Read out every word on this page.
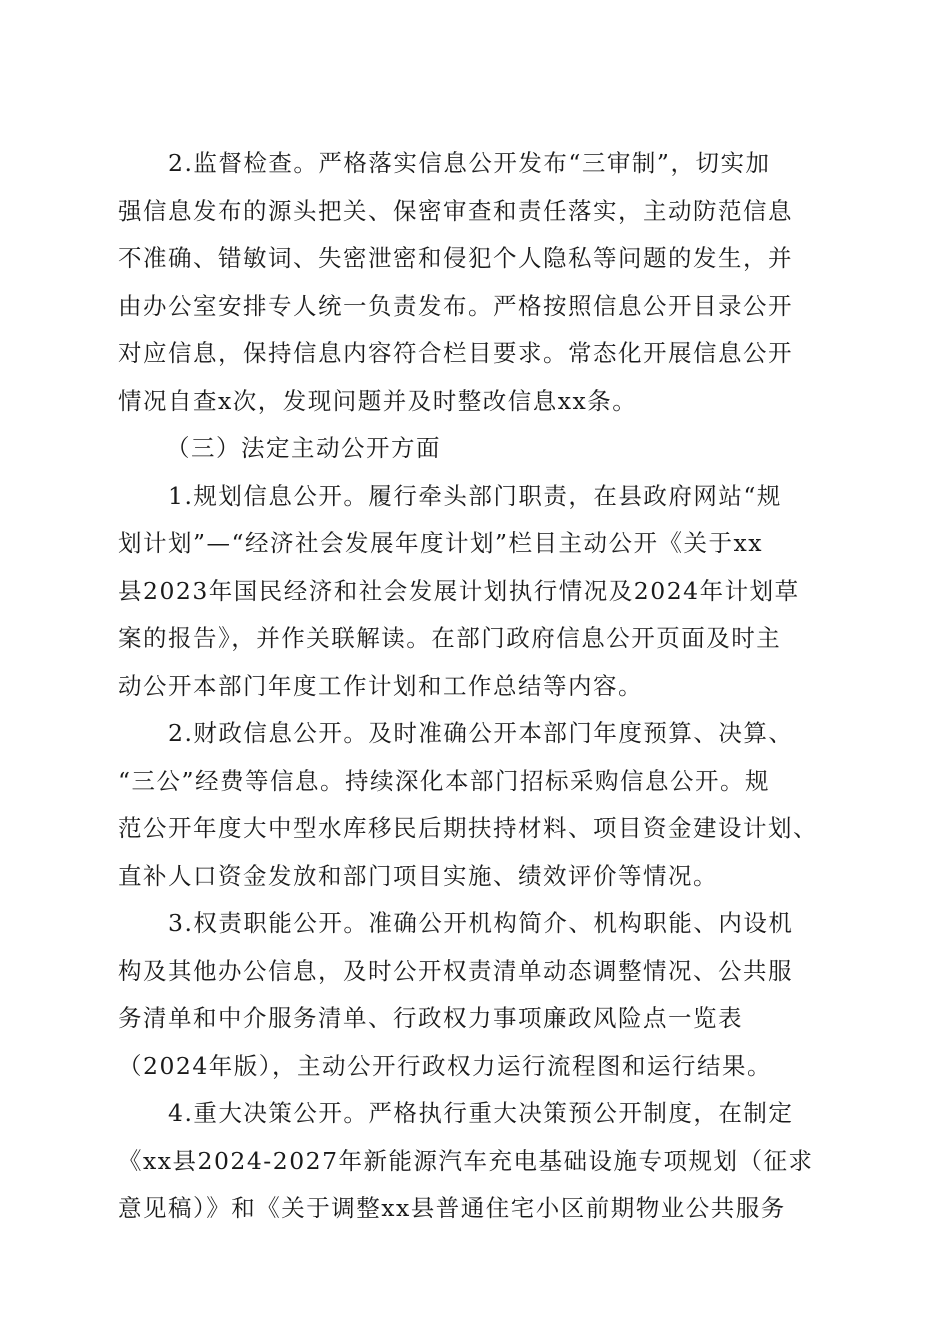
2.监督检查。严格落实信息公开发布“三审制”，切实加
强信息发布的源头把关、保密审查和责任落实，主动防范信息
不准确、错敏词、失密泄密和侵犯个人隐私等问题的发生，并
由办公室安排专人统一负责发布。严格按照信息公开目录公开
对应信息，保持信息内容符合栏目要求。常态化开展信息公开
情况自查x次，发现问题并及时整改信息xx条。
（三）法定主动公开方面
1.规划信息公开。履行牵头部门职责，在县政府网站“规
划计划”—“经济社会发展年度计划”栏目主动公开《关于xx
县2023年国民经济和社会发展计划执行情况及2024年计划草
案的报告》，并作关联解读。在部门政府信息公开页面及时主
动公开本部门年度工作计划和工作总结等内容。
2.财政信息公开。及时准确公开本部门年度预算、决算、
“三公”经费等信息。持续深化本部门招标采购信息公开。规
范公开年度大中型水库移民后期扶持材料、项目资金建设计划、
直补人口资金发放和部门项目实施、绩效评价等情况。
3.权责职能公开。准确公开机构简介、机构职能、内设机
构及其他办公信息，及时公开权责清单动态调整情况、公共服
务清单和中介服务清单、行政权力事项廉政风险点一览表
（2024年版），主动公开行政权力运行流程图和运行结果。
4.重大决策公开。严格执行重大决策预公开制度，在制定
《xx县2024-2027年新能源汽车充电基础设施专项规划（征求
意见稿）》和《关于调整xx县普通住宅小区前期物业公共服务
